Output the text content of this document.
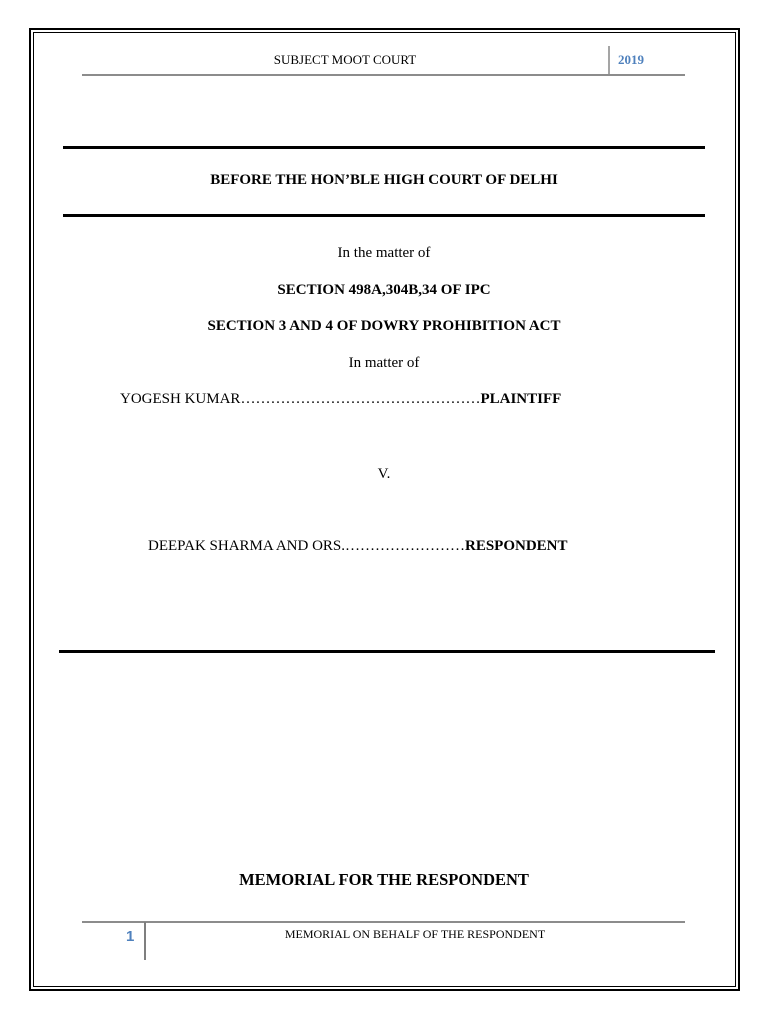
SUBJECT MOOT COURT	2019
BEFORE THE HON’BLE HIGH COURT OF DELHI
In the matter of
SECTION 498A,304B,34 OF IPC
SECTION 3 AND 4 OF DOWRY PROHIBITION ACT
In matter of
YOGESH KUMAR…………………………………………PLAINTIFF
V.
DEEPAK SHARMA AND ORS.……………………RESPONDENT
MEMORIAL FOR THE RESPONDENT
1	MEMORIAL ON BEHALF OF THE RESPONDENT
